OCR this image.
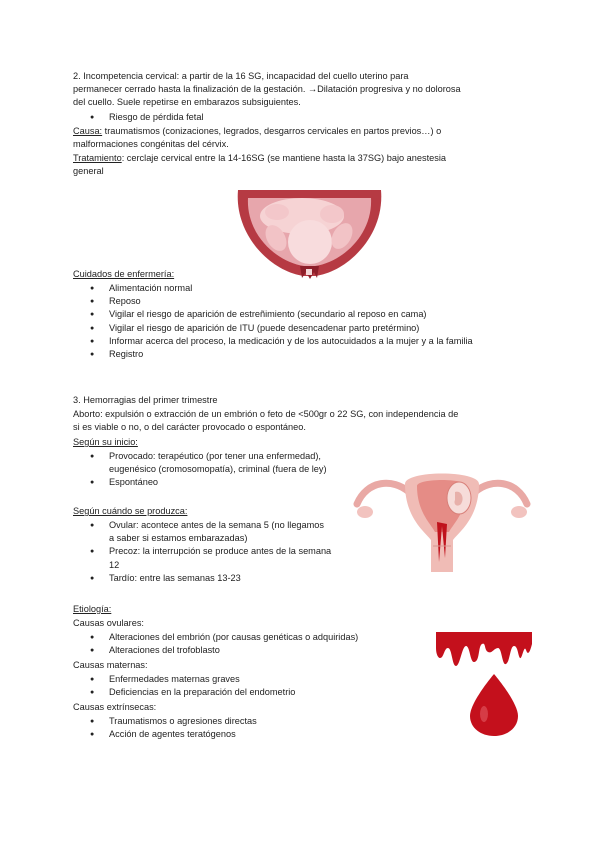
2. Incompetencia cervical: a partir de la 16 SG, incapacidad del cuello uterino para
permanecer cerrado hasta la finalización de la gestación. →Dilatación progresiva y no dolorosa
del cuello. Suele repetirse en embarazos subsiguientes.
● Riesgo de pérdida fetal
Causa: traumatismos (conizaciones, legrados, desgarros cervicales en partos previos…) o
malformaciones congénitas del cérvix.
Tratamiento: cerclaje cervical entre la 14-16SG (se mantiene hasta la 37SG) bajo anestesia
general
Cuidados de enfermería:
● Alimentación normal
● Reposo
● Vigilar el riesgo de aparición de estreñimiento (secundario al reposo en cama)
● Vigilar el riesgo de aparición de ITU (puede desencadenar parto pretérmino)
● Informar acerca del proceso, la medicación y de los autocuidados a la mujer y a la familia
● Registro
3. Hemorragias del primer trimestre
Aborto: expulsión o extracción de un embrión o feto de <500gr o 22 SG, con independencia de
si es viable o no, o del carácter provocado o espontáneo.
Según su inicio:
● Provocado: terapéutico (por tener una enfermedad), eugenésico (cromosomopatía), criminal (fuera de ley)
● Espontáneo
Según cuándo se produzca:
● Ovular: acontece antes de la semana 5 (no llegamos a saber si estamos embarazadas)
● Precoz: la interrupción se produce antes de la semana 12
● Tardío: entre las semanas 13-23
Etiología:
Causas ovulares:
● Alteraciones del embrión (por causas genéticas o adquiridas)
● Alteraciones del trofoblasto
Causas maternas:
● Enfermedades maternas graves
● Deficiencias en la preparación del endometrio
Causas extrínsecas:
● Traumatismos o agresiones directas
● Acción de agentes teratógenos
